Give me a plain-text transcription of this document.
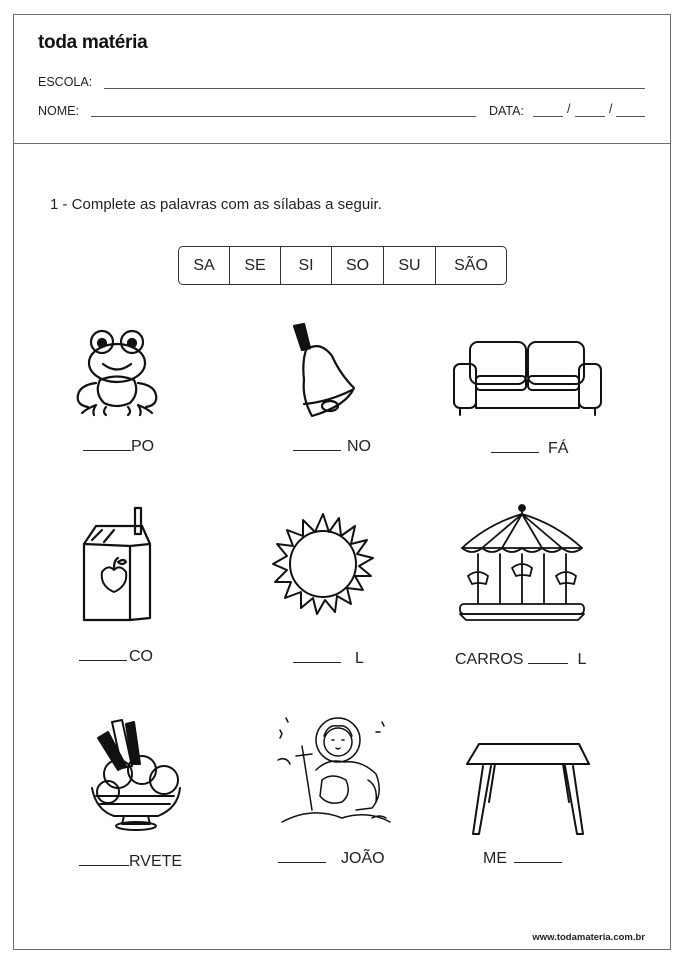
toda matéria
ESCOLA:
NOME:	DATA:	/	/
1 - Complete as palavras com as sílabas a seguir.
SA	SE	SI	SO	SU	SÃO
PO	NO	FÁ
CO	L	CARROS	L
RVETE	JOÃO	ME
www.todamateria.com.br
